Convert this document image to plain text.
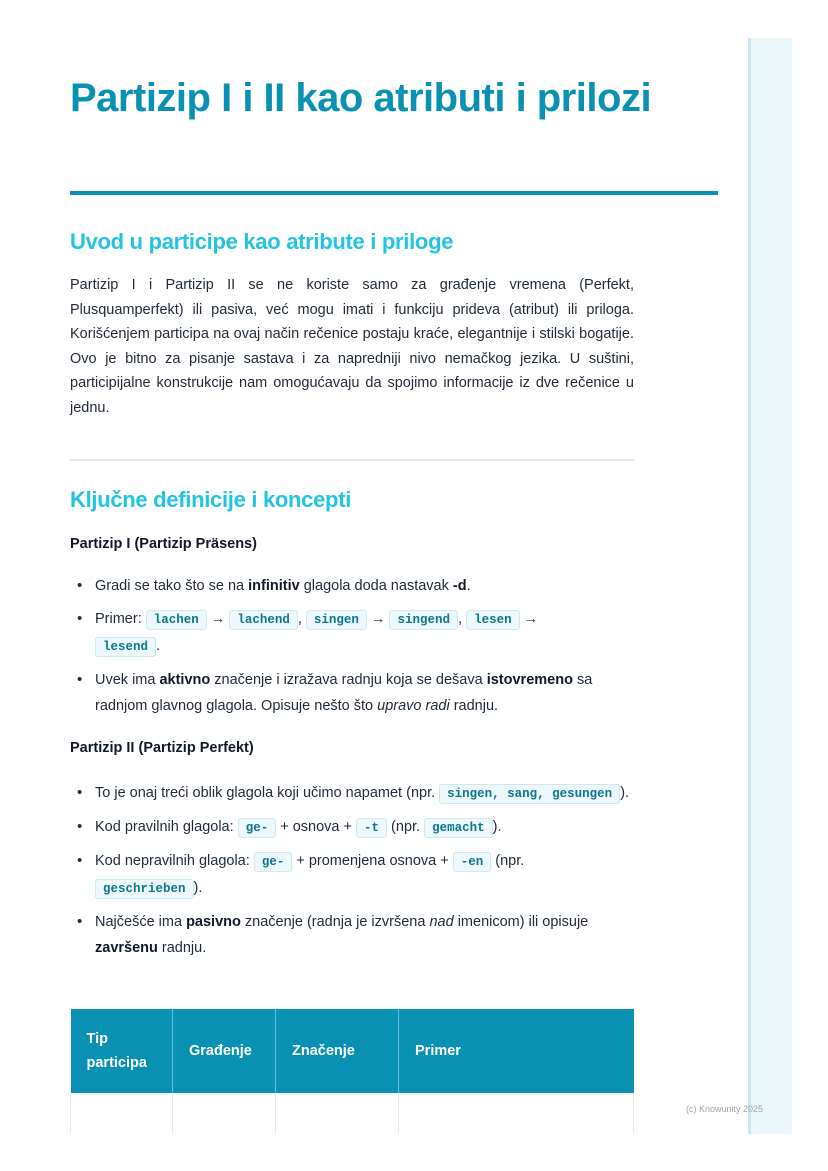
(c) Knowunity 2025
Partizip I i II kao atributi i prilozi
Uvod u participe kao atribute i priloge

Partizip I i Partizip II se ne koriste samo za građenje vremena (Perfekt, Plusquamperfekt) ili pasiva, već mogu imati i funkciju prideva (atribut) ili priloga. Korišćenjem participa na ovaj način rečenice postaju kraće, elegantnije i stilski bogatije. Ovo je bitno za pisanje sastava i za napredniji nivo nemačkog jezika. U suštini, participijalne konstrukcije nam omogućavaju da spojimo informacije iz dve rečenice u jednu.

Ključne definicije i koncepti
Partizip I (Partizip Präsens)
• Gradi se tako što se na infinitiv glagola doda nastavak -d.
• Primer: lachen → lachend , singen → singend , lesen →
lesend .
• Uvek ima aktivno značenje i izražava radnju koja se dešava istovremeno sa radnjom glavnog glagola. Opisuje nešto što upravo radi radnju.
Partizip II (Partizip Perfekt)
• To je onaj treći oblik glagola koji učimo napamet (npr. singen, sang, gesungen ).
• Kod pravilnih glagola: ge- + osnova + -t (npr. gemacht ).
• Kod nepravilnih glagola: ge- + promenjena osnova + -en (npr.
geschrieben ).
• Najčešće ima pasivno značenje (radnja je izvršena nad imenicom) ili opisuje završenu radnju.
Tip participa	Građenje	Značenje	Primer
